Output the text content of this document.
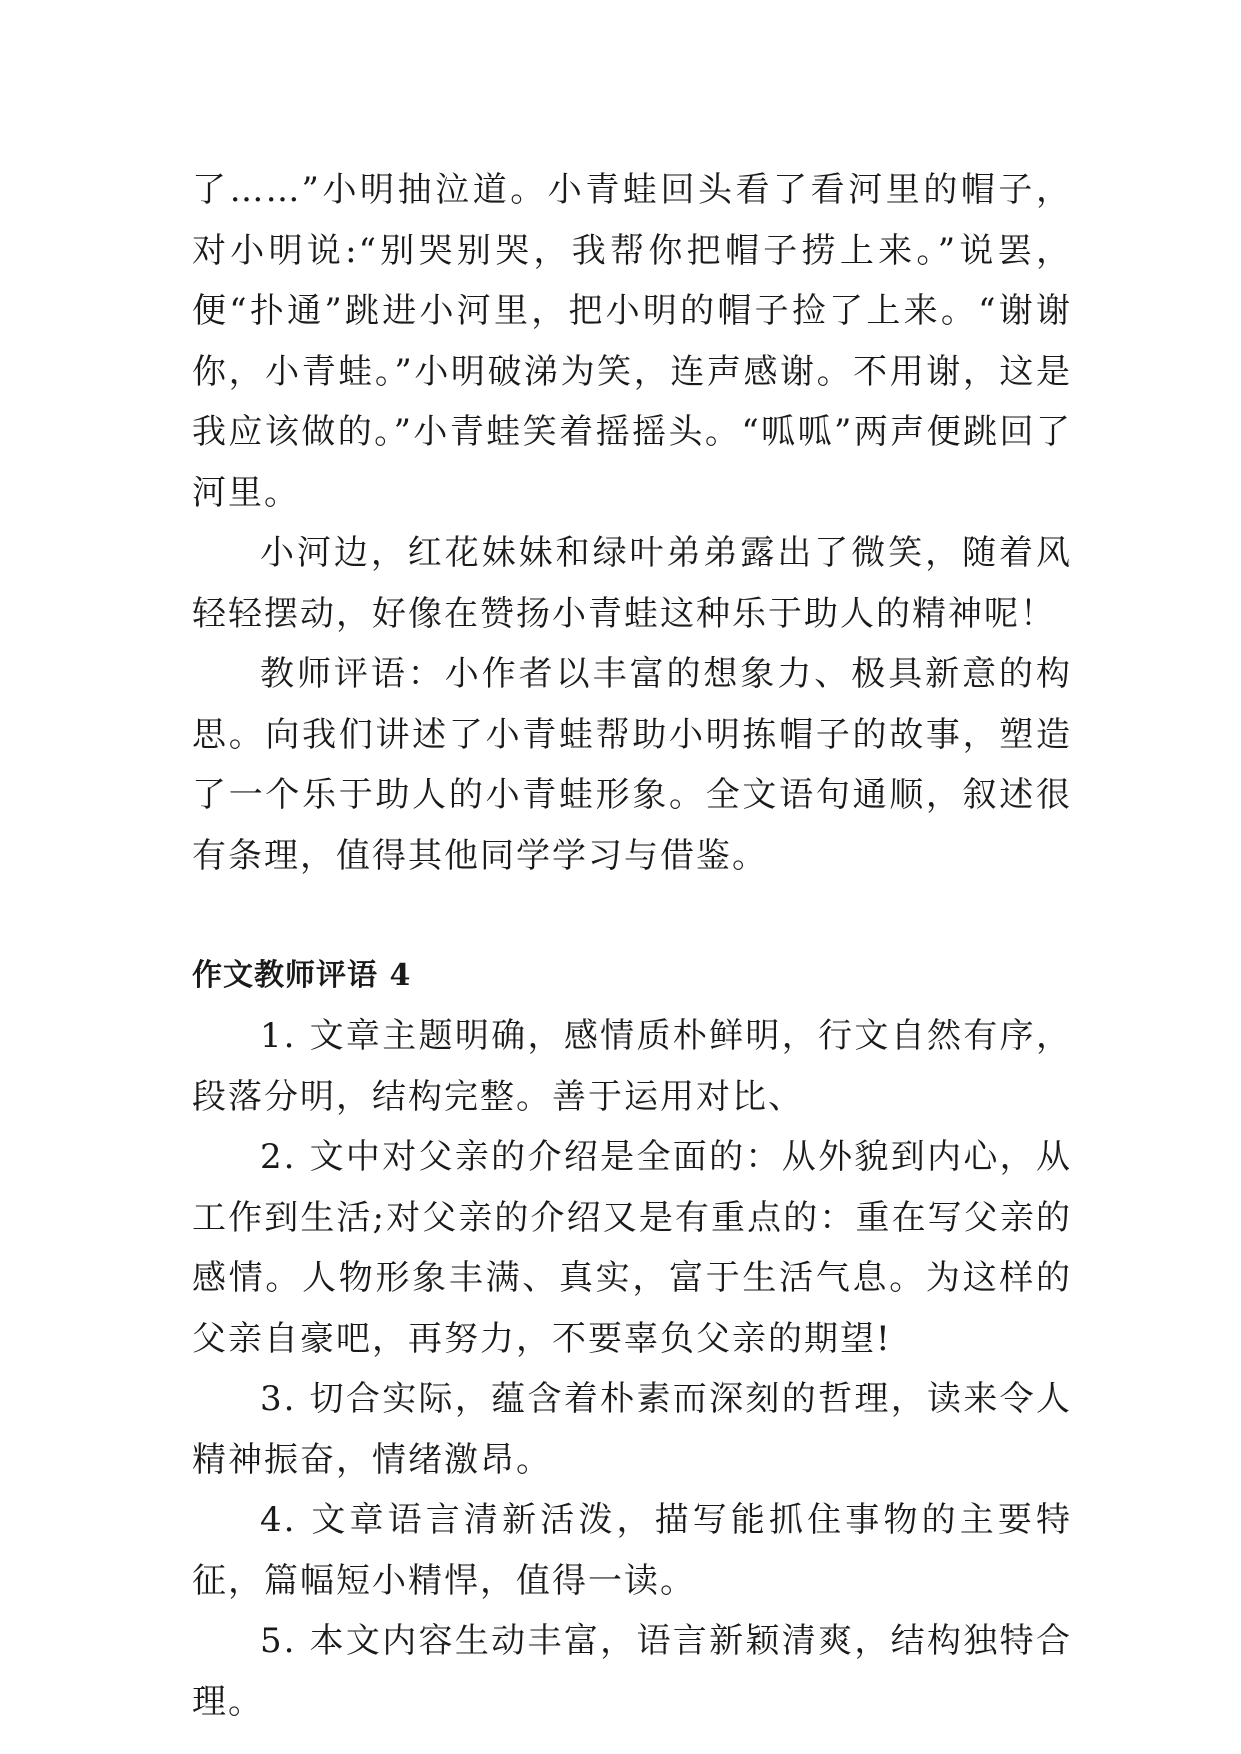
了……”小明抽泣道。小青蛙回头看了看河里的帽子，对小明说:“别哭别哭，我帮你把帽子捞上来。”说罢，便“扑通”跳进小河里，把小明的帽子捡了上来。“谢谢你，小青蛙。”小明破涕为笑，连声感谢。不用谢，这是我应该做的。”小青蛙笑着摇摇头。“呱呱”两声便跳回了河里。

小河边，红花妹妹和绿叶弟弟露出了微笑，随着风轻轻摆动，好像在赞扬小青蛙这种乐于助人的精神呢！

教师评语：小作者以丰富的想象力、极具新意的构思。向我们讲述了小青蛙帮助小明拣帽子的故事，塑造了一个乐于助人的小青蛙形象。全文语句通顺，叙述很有条理，值得其他同学学习与借鉴。

作文教师评语 4

1. 文章主题明确，感情质朴鲜明，行文自然有序，段落分明，结构完整。善于运用对比、

2. 文中对父亲的介绍是全面的：从外貌到内心，从工作到生活;对父亲的介绍又是有重点的：重在写父亲的感情。人物形象丰满、真实，富于生活气息。为这样的父亲自豪吧，再努力，不要辜负父亲的期望!

3. 切合实际，蕴含着朴素而深刻的哲理，读来令人精神振奋，情绪激昂。

4. 文章语言清新活泼，描写能抓住事物的主要特征，篇幅短小精悍，值得一读。

5. 本文内容生动丰富，语言新颖清爽，结构独特合理。
